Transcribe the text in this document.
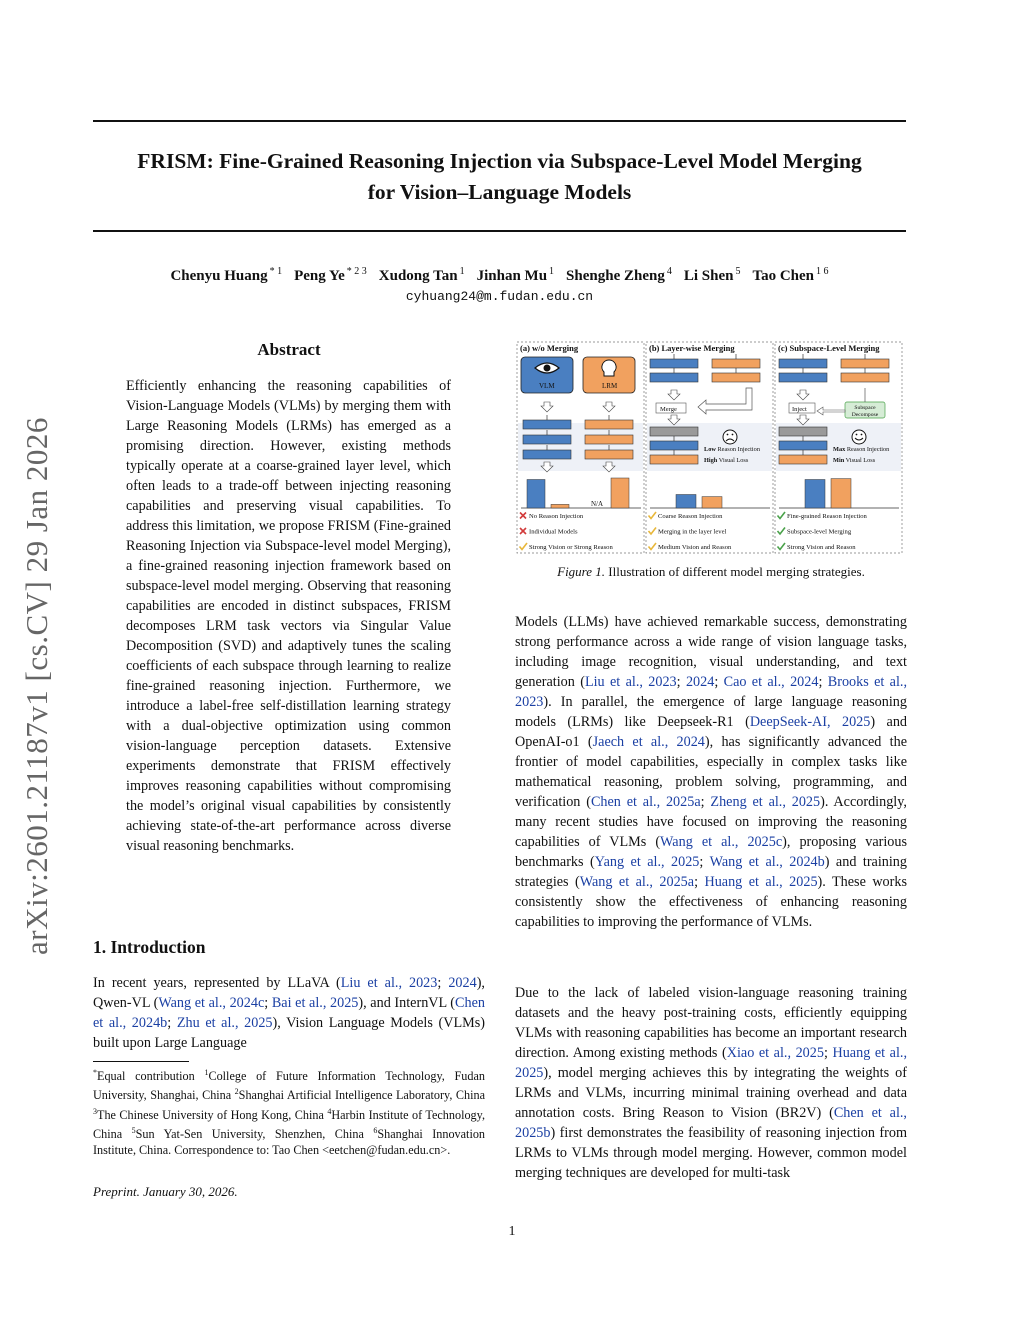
FRISM: Fine-Grained Reasoning Injection via Subspace-Level Model Merging
for Vision–Language Models
Chenyu Huang $^{* 1}$ Peng Ye $^{* 2 3}$ Xudong Tan $^1$ Jinhan Mu $^1$ Shenghe Zheng $^4$ Li Shen $^5$ Tao Chen $^{1 6}$
cyhuang24@m.fudan.edu.cn
arXiv:2601.21187v1 [cs.CV] 29 Jan 2026
Abstract
Efficiently enhancing the reasoning capabilities of Vision-Language Models (VLMs) by merging them with Large Reasoning Models (LRMs) has emerged as a promising direction. However, existing methods typically operate at a coarse-grained layer level, which often leads to a trade-off between injecting reasoning capabilities and preserving visual capabilities. To address this limitation, we propose FRISM (Fine-grained Reasoning Injection via Subspace-level model Merging), a fine-grained reasoning injection framework based on subspace-level model merging. Observing that reasoning capabilities are encoded in distinct subspaces, FRISM decomposes LRM task vectors via Singular Value Decomposition (SVD) and adaptively tunes the scaling coefficients of each subspace through learning to realize fine-grained reasoning injection. Furthermore, we introduce a label-free self-distillation learning strategy with a dual-objective optimization using common vision-language perception datasets. Extensive experiments demonstrate that FRISM effectively improves reasoning capabilities without compromising the model’s original visual capabilities by consistently achieving state-of-the-art performance across diverse visual reasoning benchmarks.
1. Introduction
In recent years, represented by LLaVA (Liu et al., 2023; 2024), Qwen-VL (Wang et al., 2024c; Bai et al., 2025), and InternVL (Chen et al., 2024b; Zhu et al., 2025), Vision Language Models (VLMs) built upon Large Language
*Equal contribution $^1$College of Future Information Technology, Fudan University, Shanghai, China $^2$Shanghai Artificial Intelligence Laboratory, China $^3$The Chinese University of Hong Kong, China $^4$Harbin Institute of Technology, China $^5$Sun Yat-Sen University, Shenzhen, China $^6$Shanghai Innovation Institute, China. Correspondence to: Tao Chen <eetchen@fudan.edu.cn>.
Preprint. January 30, 2026.
(a) w/o Merging	(b) Layer-wise Merging	(c) Subspace-Level Merging
VLM	LRM
N/A
Merge
Low Reason Injection
High Visual Loss
Inject	Subspace Decompose
Max Reason Injection
Min Visual Loss
No Reason Injection
Individual Models
Strong Vision or Strong Reason
Coarse Reason Injection
Merging in the layer level
Medium Vision and Reason
Fine-grained Reason Injection
Subspace-level Merging
Strong Vision and Reason
Figure 1. Illustration of different model merging strategies.
Models (LLMs) have achieved remarkable success, demonstrating strong performance across a wide range of vision language tasks, including image recognition, visual understanding, and text generation (Liu et al., 2023; 2024; Cao et al., 2024; Brooks et al., 2023). In parallel, the emergence of large language reasoning models (LRMs) like Deepseek-R1 (DeepSeek-AI, 2025) and OpenAI-o1 (Jaech et al., 2024), has significantly advanced the frontier of model capabilities, especially in complex tasks like mathematical reasoning, problem solving, programming, and verification (Chen et al., 2025a; Zheng et al., 2025). Accordingly, many recent studies have focused on improving the reasoning capabilities of VLMs (Wang et al., 2025c), proposing various benchmarks (Yang et al., 2025; Wang et al., 2024b) and training strategies (Wang et al., 2025a; Huang et al., 2025). These works consistently show the effectiveness of enhancing reasoning capabilities to improving the performance of VLMs.
Due to the lack of labeled vision-language reasoning training datasets and the heavy post-training costs, efficiently equipping VLMs with reasoning capabilities has become an important research direction. Among existing methods (Xiao et al., 2025; Huang et al., 2025), model merging achieves this by integrating the weights of LRMs and VLMs, incurring minimal training overhead and data annotation costs. Bring Reason to Vision (BR2V) (Chen et al., 2025b) first demonstrates the feasibility of reasoning injection from LRMs to VLMs through model merging. However, common model merging techniques are developed for multi-task
1
